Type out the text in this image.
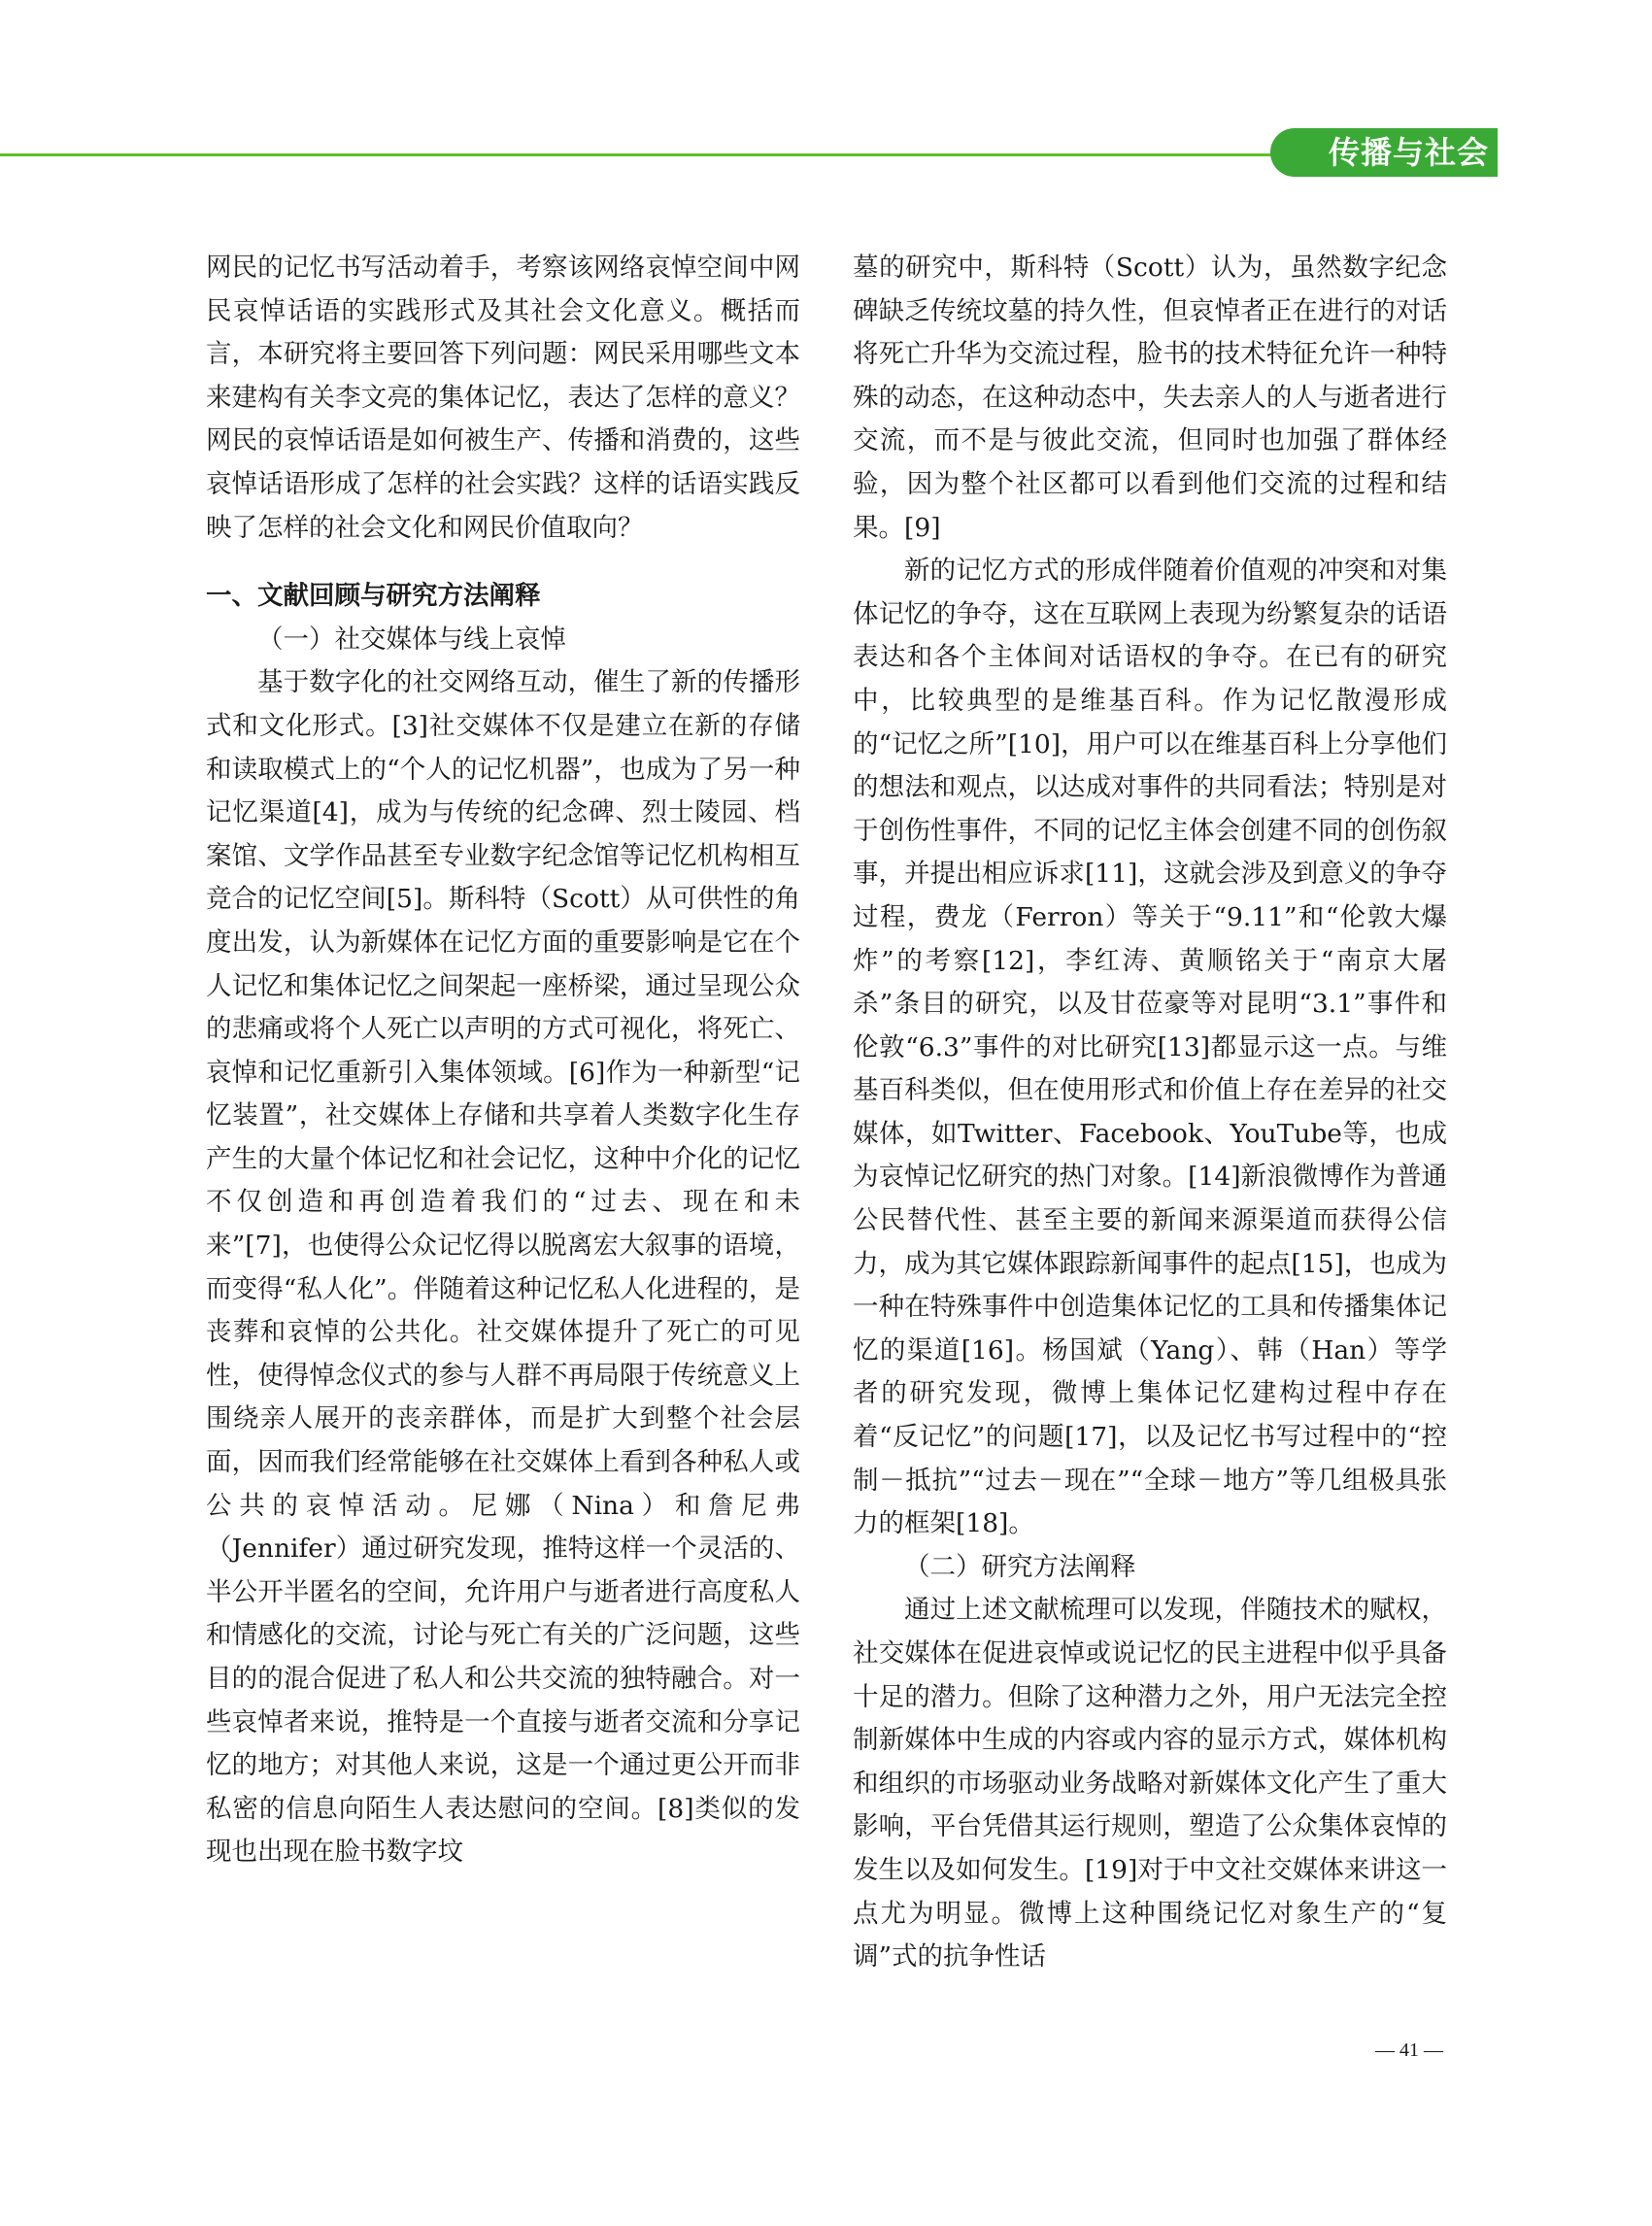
传播与社会

网民的记忆书写活动着手，考察该网络哀悼空间中网民哀悼话语的实践形式及其社会文化意义。概括而言，本研究将主要回答下列问题：网民采用哪些文本来建构有关李文亮的集体记忆，表达了怎样的意义？网民的哀悼话语是如何被生产、传播和消费的，这些哀悼话语形成了怎样的社会实践？这样的话语实践反映了怎样的社会文化和网民价值取向？

一、文献回顾与研究方法阐释

（一）社交媒体与线上哀悼

基于数字化的社交网络互动，催生了新的传播形式和文化形式。[3]社交媒体不仅是建立在新的存储和读取模式上的“个人的记忆机器”，也成为了另一种记忆渠道[4]，成为与传统的纪念碑、烈士陵园、档案馆、文学作品甚至专业数字纪念馆等记忆机构相互竞合的记忆空间[5]。斯科特（Scott）从可供性的角度出发，认为新媒体在记忆方面的重要影响是它在个人记忆和集体记忆之间架起一座桥梁，通过呈现公众的悲痛或将个人死亡以声明的方式可视化，将死亡、哀悼和记忆重新引入集体领域。[6]作为一种新型“记忆装置”，社交媒体上存储和共享着人类数字化生存产生的大量个体记忆和社会记忆，这种中介化的记忆不仅创造和再创造着我们的“过去、现在和未来”[7]，也使得公众记忆得以脱离宏大叙事的语境，而变得“私人化”。伴随着这种记忆私人化进程的，是丧葬和哀悼的公共化。社交媒体提升了死亡的可见性，使得悼念仪式的参与人群不再局限于传统意义上围绕亲人展开的丧亲群体，而是扩大到整个社会层面，因而我们经常能够在社交媒体上看到各种私人或公共的哀悼活动。尼娜（Nina）和詹尼弗（Jennifer）通过研究发现，推特这样一个灵活的、半公开半匿名的空间，允许用户与逝者进行高度私人和情感化的交流，讨论与死亡有关的广泛问题，这些目的的混合促进了私人和公共交流的独特融合。对一些哀悼者来说，推特是一个直接与逝者交流和分享记忆的地方；对其他人来说，这是一个通过更公开而非私密的信息向陌生人表达慰问的空间。[8]类似的发现也出现在脸书数字坟

墓的研究中，斯科特（Scott）认为，虽然数字纪念碑缺乏传统坟墓的持久性，但哀悼者正在进行的对话将死亡升华为交流过程，脸书的技术特征允许一种特殊的动态，在这种动态中，失去亲人的人与逝者进行交流，而不是与彼此交流，但同时也加强了群体经验，因为整个社区都可以看到他们交流的过程和结果。[9]

新的记忆方式的形成伴随着价值观的冲突和对集体记忆的争夺，这在互联网上表现为纷繁复杂的话语表达和各个主体间对话语权的争夺。在已有的研究中，比较典型的是维基百科。作为记忆散漫形成的“记忆之所”[10]，用户可以在维基百科上分享他们的想法和观点，以达成对事件的共同看法；特别是对于创伤性事件，不同的记忆主体会创建不同的创伤叙事，并提出相应诉求[11]，这就会涉及到意义的争夺过程，费龙（Ferron）等关于“9.11”和“伦敦大爆炸”的考察[12]，李红涛、黄顺铭关于“南京大屠杀”条目的研究，以及甘莅豪等对昆明“3.1”事件和伦敦“6.3”事件的对比研究[13]都显示这一点。与维基百科类似，但在使用形式和价值上存在差异的社交媒体，如Twitter、Facebook、YouTube等，也成为哀悼记忆研究的热门对象。[14]新浪微博作为普通公民替代性、甚至主要的新闻来源渠道而获得公信力，成为其它媒体跟踪新闻事件的起点[15]，也成为一种在特殊事件中创造集体记忆的工具和传播集体记忆的渠道[16]。杨国斌（Yang）、韩（Han）等学者的研究发现，微博上集体记忆建构过程中存在着“反记忆”的问题[17]，以及记忆书写过程中的“控制－抵抗”“过去－现在”“全球－地方”等几组极具张力的框架[18]。

（二）研究方法阐释

通过上述文献梳理可以发现，伴随技术的赋权，社交媒体在促进哀悼或说记忆的民主进程中似乎具备十足的潜力。但除了这种潜力之外，用户无法完全控制新媒体中生成的内容或内容的显示方式，媒体机构和组织的市场驱动业务战略对新媒体文化产生了重大影响，平台凭借其运行规则，塑造了公众集体哀悼的发生以及如何发生。[19]对于中文社交媒体来讲这一点尤为明显。微博上这种围绕记忆对象生产的“复调”式的抗争性话

— 41 —
